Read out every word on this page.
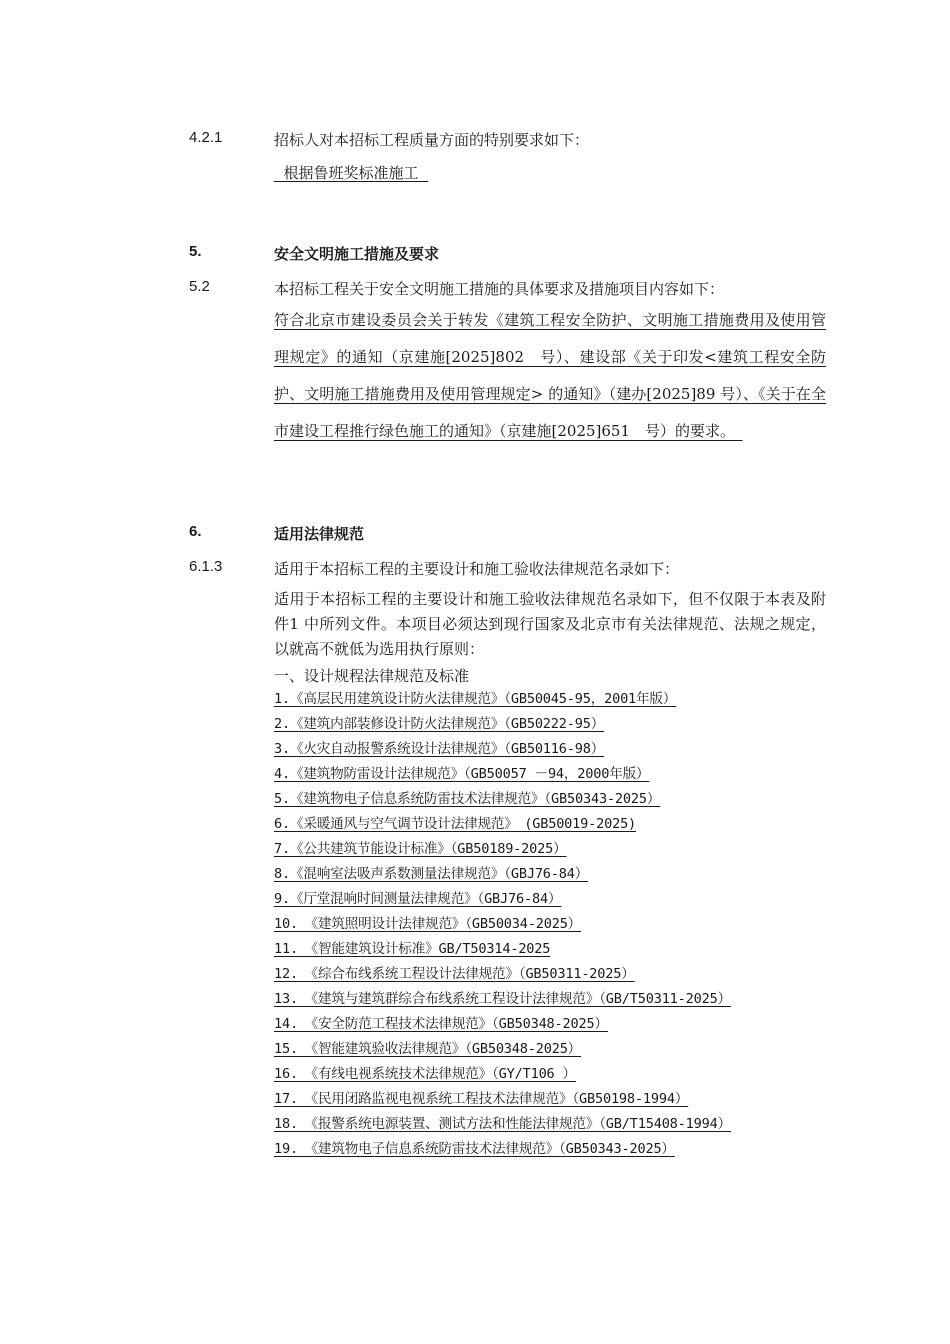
4.2.1	招标人对本招标工程质量方面的特别要求如下：
根据鲁班奖标准施工
5.	安全文明施工措施及要求
5.2	本招标工程关于安全文明施工措施的具体要求及措施项目内容如下：
符合北京市建设委员会关于转发《建筑工程安全防护、文明施工措施费用及使用管理规定》的通知（京建施[2025]802　号）、建设部《关于印发<建筑工程安全防护、文明施工措施费用及使用管理规定> 的通知》（建办[2025]89 号）、《关于在全市建设工程推行绿色施工的通知》（京建施[2025]651　号）的要求。　
6.	适用法律规范
6.1.3	适用于本招标工程的主要设计和施工验收法律规范名录如下：
适用于本招标工程的主要设计和施工验收法律规范名录如下，但不仅限于本表及附件1 中所列文件。本项目必须达到现行国家及北京市有关法律规范、法规之规定，以就高不就低为选用执行原则：
一、设计规程法律规范及标准
1.《高层民用建筑设计防火法律规范》（GB50045-95，2001年版）
2.《建筑内部装修设计防火法律规范》（GB50222-95）
3.《火灾自动报警系统设计法律规范》（GB50116-98）
4.《建筑物防雷设计法律规范》（GB50057 －94，2000年版）
5.《建筑物电子信息系统防雷技术法律规范》（GB50343-2025）
6.《采暖通风与空气调节设计法律规范》　(GB50019-2025)
7.《公共建筑节能设计标准》（GB50189-2025）
8.《混响室法吸声系数测量法律规范》（GBJ76-84）
9.《厅堂混响时间测量法律规范》（GBJ76-84）
10.　《建筑照明设计法律规范》（GB50034-2025）
11.　《智能建筑设计标准》GB/T50314-2025
12.　《综合布线系统工程设计法律规范》（GB50311-2025）
13.　《建筑与建筑群综合布线系统工程设计法律规范》（GB/T50311-2025）
14.　《安全防范工程技术法律规范》（GB50348-2025）
15.　《智能建筑验收法律规范》（GB50348-2025）
16.　《有线电视系统技术法律规范》（GY/T106 ）
17.　《民用闭路监视电视系统工程技术法律规范》（GB50198-1994）
18.　《报警系统电源装置、测试方法和性能法律规范》（GB/T15408-1994）
19.　《建筑物电子信息系统防雷技术法律规范》（GB50343-2025）
